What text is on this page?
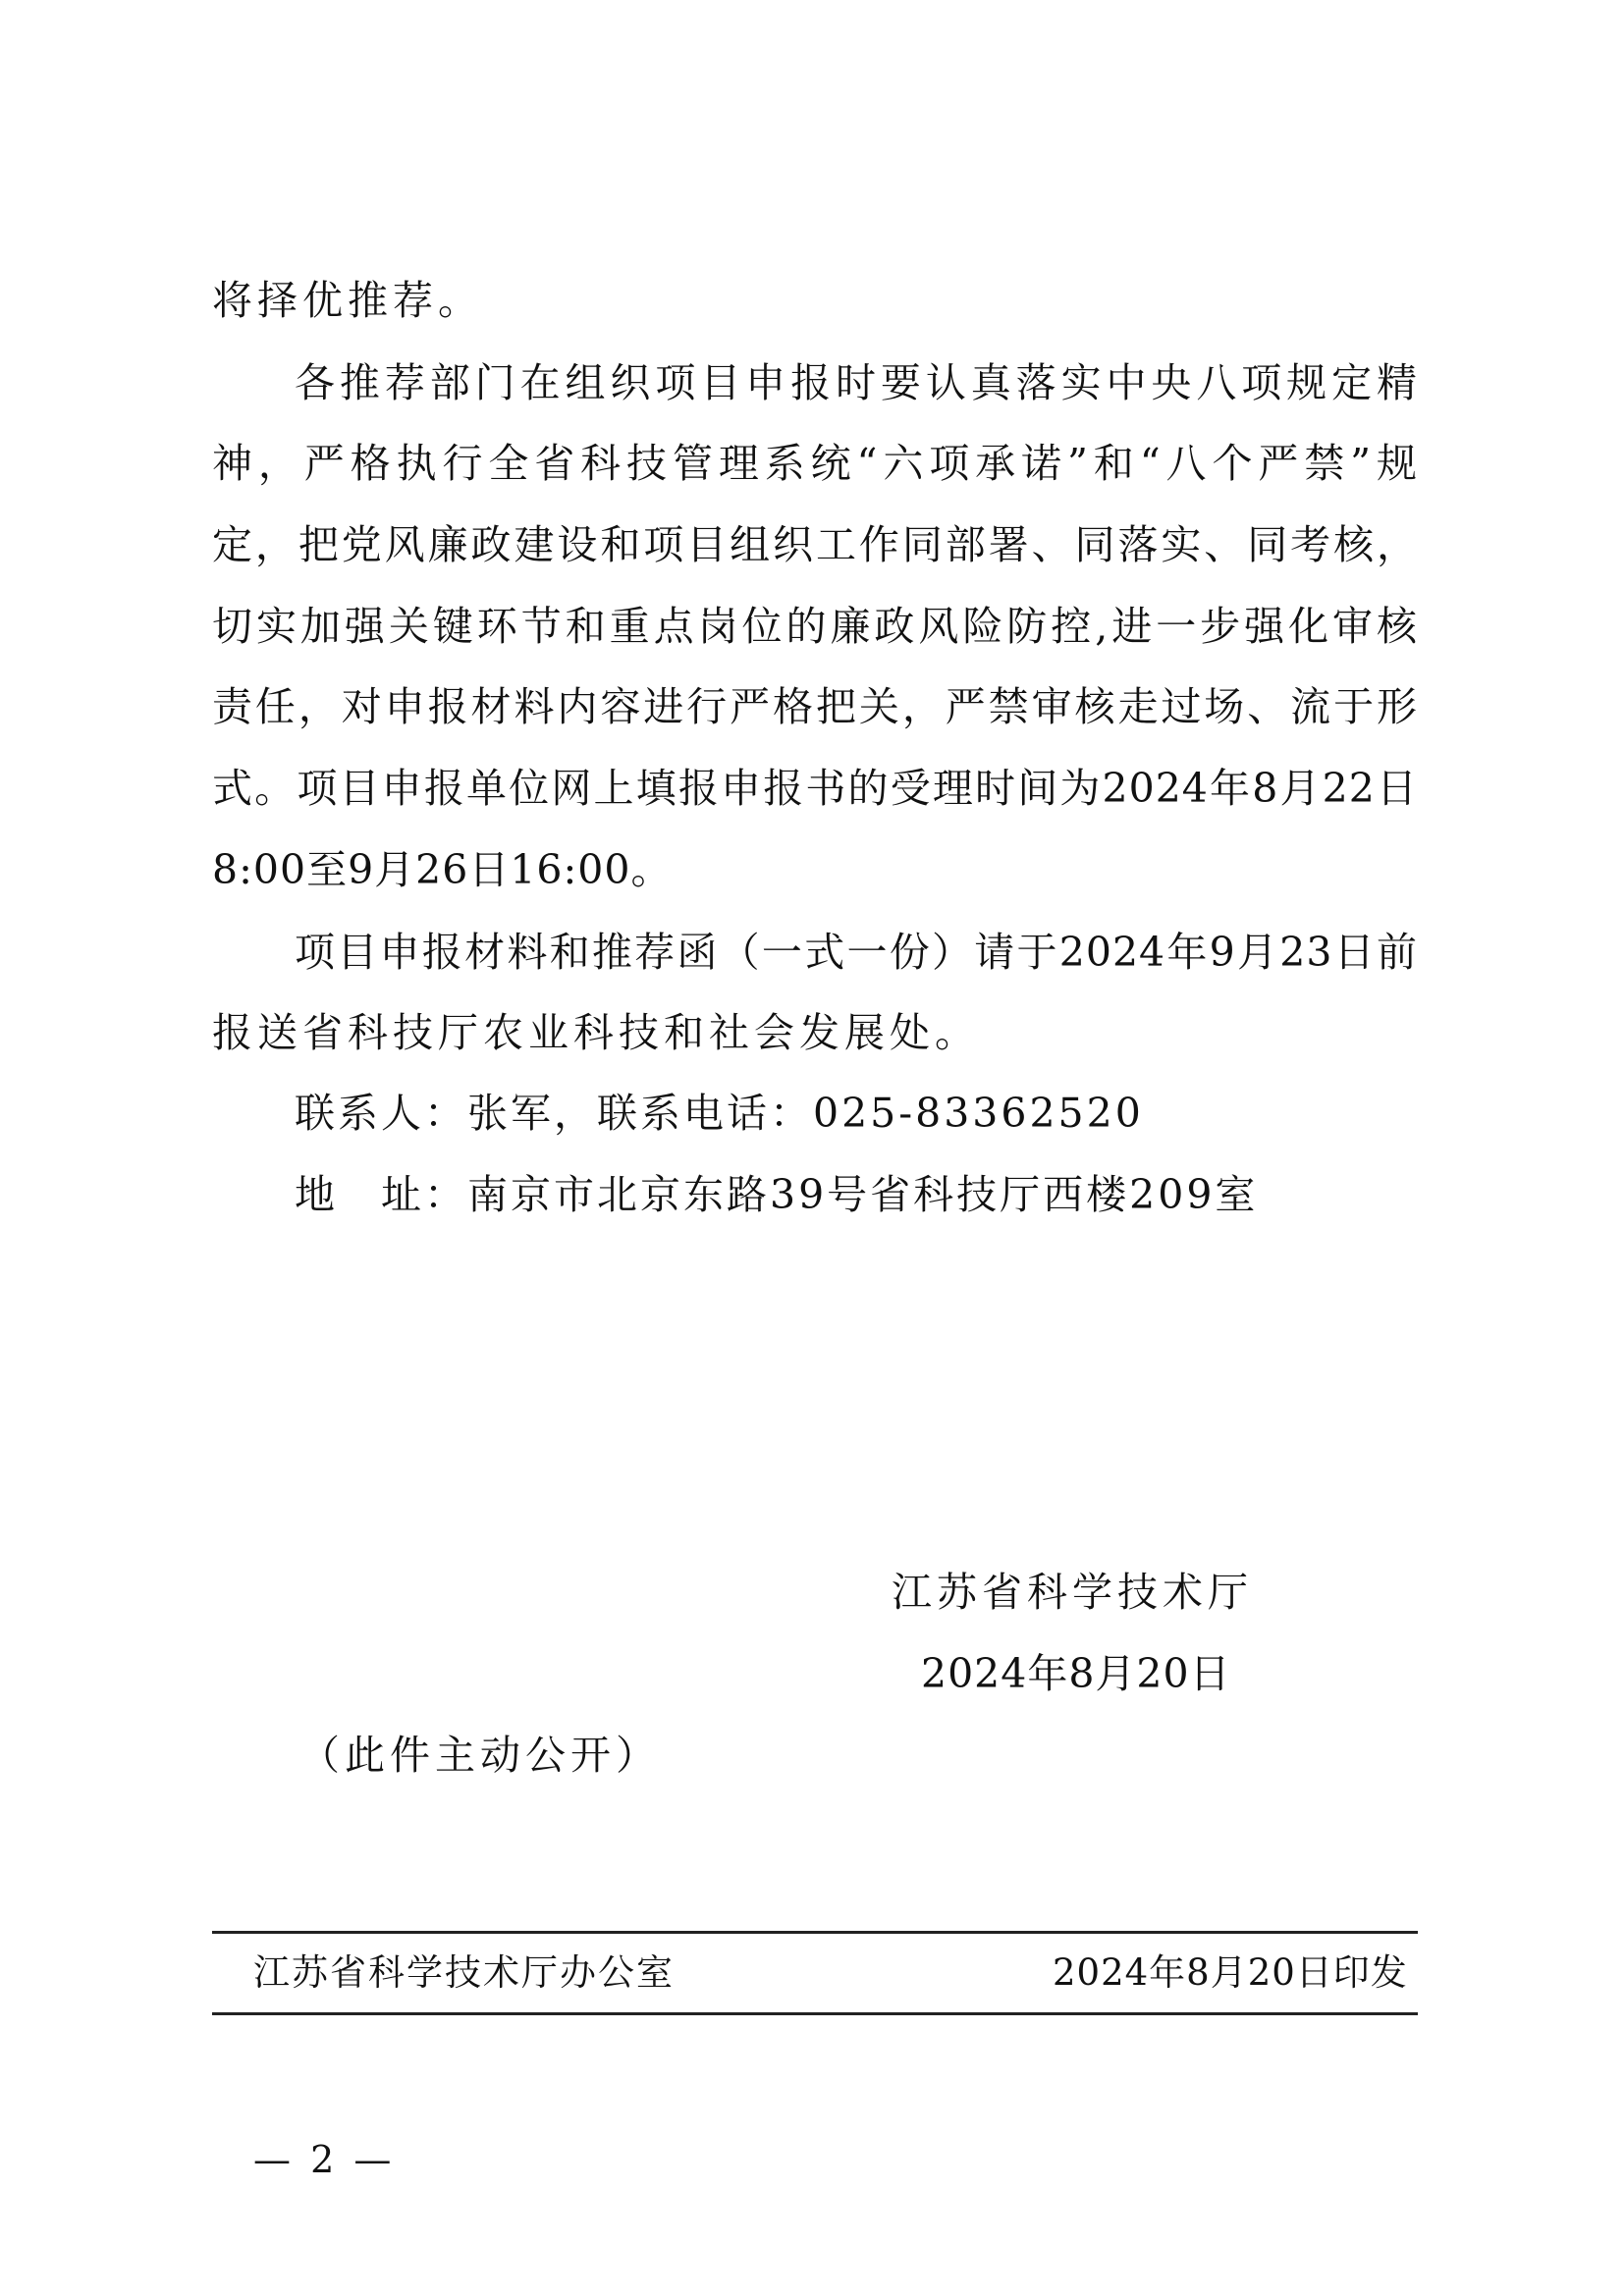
将择优推荐。
各推荐部门在组织项目申报时要认真落实中央八项规定精
神，严格执行全省科技管理系统“六项承诺”和“八个严禁”规
定，把党风廉政建设和项目组织工作同部署、同落实、同考核，
切实加强关键环节和重点岗位的廉政风险防控,进一步强化审核
责任，对申报材料内容进行严格把关，严禁审核走过场、流于形
式。项目申报单位网上填报申报书的受理时间为2024年8月22日
8:00至9月26日16:00。
项目申报材料和推荐函（一式一份）请于2024年9月23日前
报送省科技厅农业科技和社会发展处。
联系人：张军，联系电话：025-83362520
地　址：南京市北京东路39号省科技厅西楼209室
江苏省科学技术厅
2024年8月20日
（此件主动公开）
江苏省科学技术厅办公室	2024年8月20日印发
— 2 —
